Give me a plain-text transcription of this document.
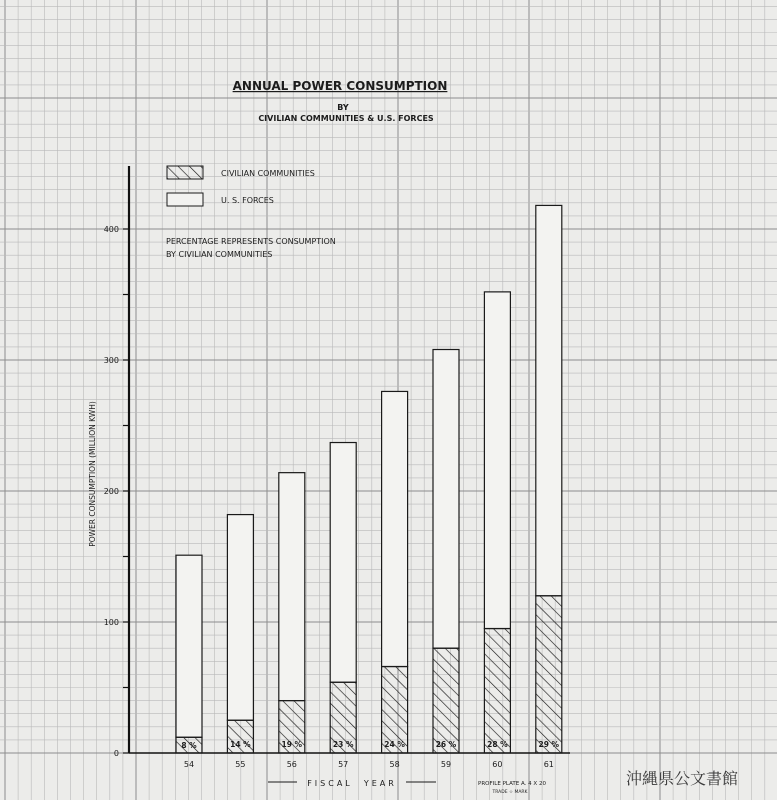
ANNUAL POWER CONSUMPTION
BY
CIVILIAN COMMUNITIES & U.S. FORCES
CIVILIAN COMMUNITIES
U. S. FORCES
PERCENTAGE REPRESENTS CONSUMPTION
BY CIVILIAN COMMUNITIES
POWER CONSUMPTION (MILLION KWH)
0
100
200
300
400
8 %
54
14 %
55
19 %
56
23 %
57
24 %
58
26 %
59
28 %
60
29 %
61
FISCAL  YEAR	PROFILE PLATE A. 4 X 20
TRADE ☆ MARK
沖縄県公文書館
